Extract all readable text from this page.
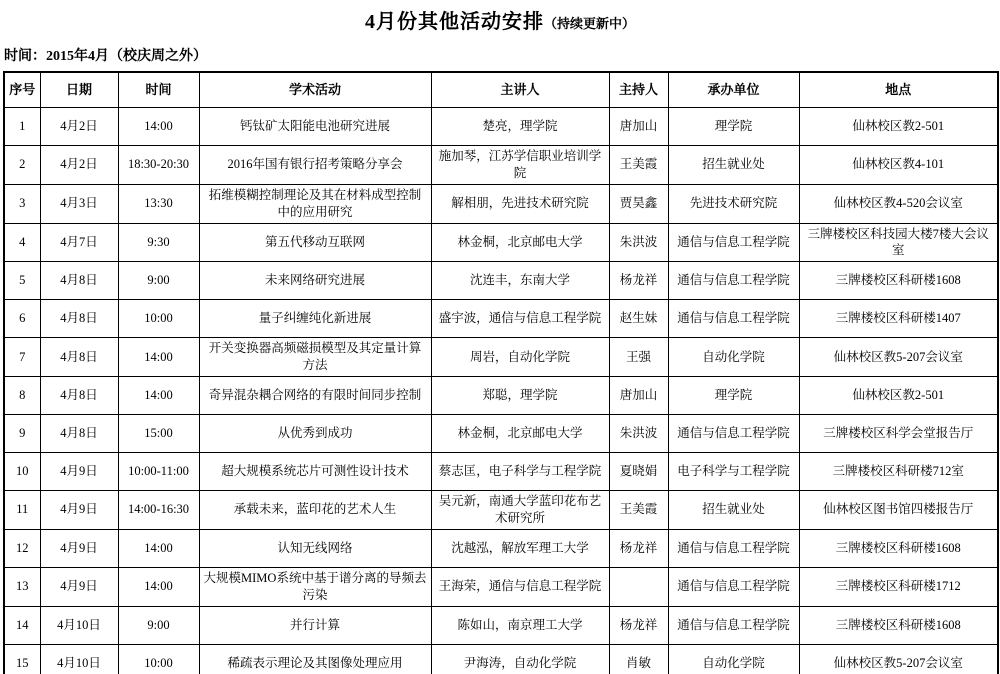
4月份其他活动安排（持续更新中）
时间：2015年4月（校庆周之外）
序号	日期	时间	学术活动	主讲人	主持人	承办单位	地点
1	4月2日	14:00	钙钛矿太阳能电池研究进展	楚亮，理学院	唐加山	理学院	仙林校区教2-501
2	4月2日	18:30-20:30	2016年国有银行招考策略分享会	施加琴，江苏学信职业培训学院	王美霞	招生就业处	仙林校区教4-101
3	4月3日	13:30	拓维模糊控制理论及其在材料成型控制中的应用研究	解相朋，先进技术研究院	贾昊鑫	先进技术研究院	仙林校区教4-520会议室
4	4月7日	9:30	第五代移动互联网	林金桐，北京邮电大学	朱洪波	通信与信息工程学院	三牌楼校区科技园大楼7楼大会议室
5	4月8日	9:00	未来网络研究进展	沈连丰，东南大学	杨龙祥	通信与信息工程学院	三牌楼校区科研楼1608
6	4月8日	10:00	量子纠缠纯化新进展	盛宇波，通信与信息工程学院	赵生妹	通信与信息工程学院	三牌楼校区科研楼1407
7	4月8日	14:00	开关变换器高频磁损模型及其定量计算方法	周岩，自动化学院	王强	自动化学院	仙林校区教5-207会议室
8	4月8日	14:00	奇异混杂耦合网络的有限时间同步控制	郑聪，理学院	唐加山	理学院	仙林校区教2-501
9	4月8日	15:00	从优秀到成功	林金桐，北京邮电大学	朱洪波	通信与信息工程学院	三牌楼校区科学会堂报告厅
10	4月9日	10:00-11:00	超大规模系统芯片可测性设计技术	蔡志匡，电子科学与工程学院	夏晓娟	电子科学与工程学院	三牌楼校区科研楼712室
11	4月9日	14:00-16:30	承载未来，蓝印花的艺术人生	吴元新，南通大学蓝印花布艺术研究所	王美霞	招生就业处	仙林校区图书馆四楼报告厅
12	4月9日	14:00	认知无线网络	沈越泓，解放军理工大学	杨龙祥	通信与信息工程学院	三牌楼校区科研楼1608
13	4月9日	14:00	大规模MIMO系统中基于谱分离的导频去污染	王海荣，通信与信息工程学院		通信与信息工程学院	三牌楼校区科研楼1712
14	4月10日	9:00	并行计算	陈如山，南京理工大学	杨龙祥	通信与信息工程学院	三牌楼校区科研楼1608
15	4月10日	10:00	稀疏表示理论及其图像处理应用	尹海涛，自动化学院	肖敏	自动化学院	仙林校区教5-207会议室
